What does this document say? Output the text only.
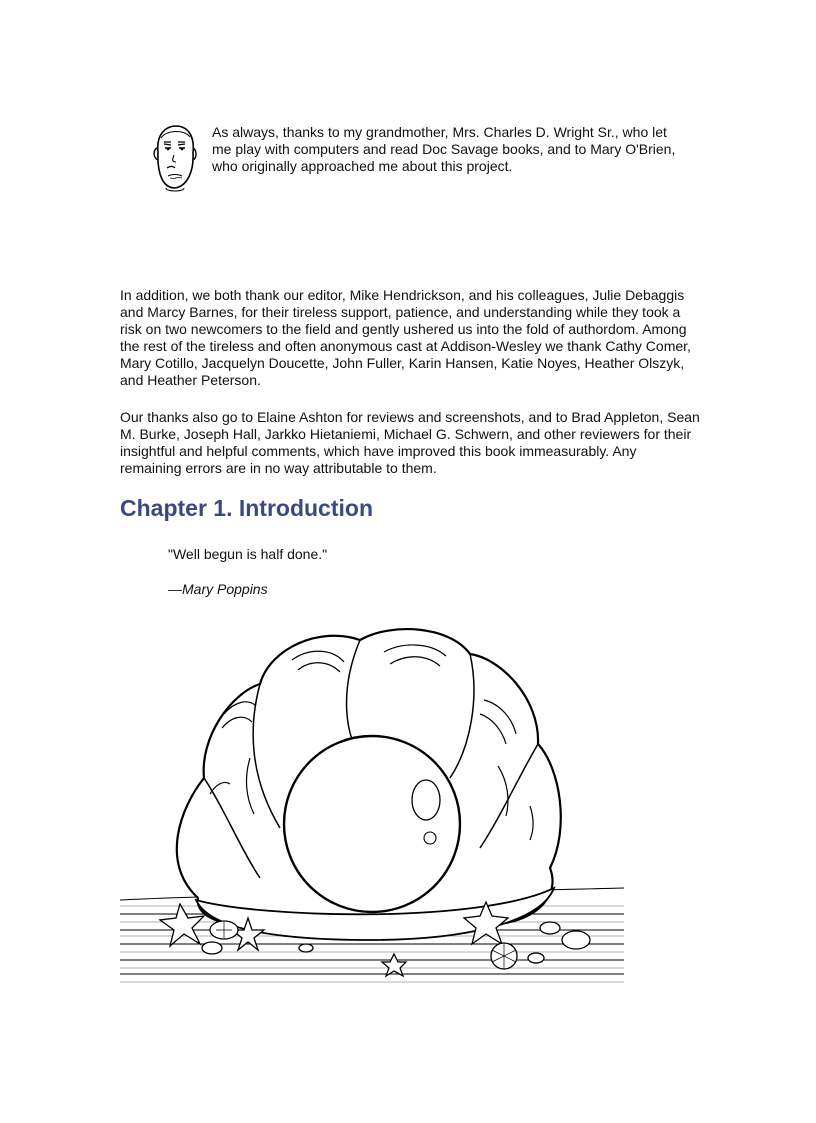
As always, thanks to my grandmother, Mrs. Charles D. Wright Sr., who let me play with computers and read Doc Savage books, and to Mary O'Brien, who originally approached me about this project.

In addition, we both thank our editor, Mike Hendrickson, and his colleagues, Julie Debaggis and Marcy Barnes, for their tireless support, patience, and understanding while they took a risk on two newcomers to the field and gently ushered us into the fold of authordom. Among the rest of the tireless and often anonymous cast at Addison-Wesley we thank Cathy Comer, Mary Cotillo, Jacquelyn Doucette, John Fuller, Karin Hansen, Katie Noyes, Heather Olszyk, and Heather Peterson.

Our thanks also go to Elaine Ashton for reviews and screenshots, and to Brad Appleton, Sean M. Burke, Joseph Hall, Jarkko Hietaniemi, Michael G. Schwern, and other reviewers for their insightful and helpful comments, which have improved this book immeasurably. Any remaining errors are in no way attributable to them.

Chapter 1. Introduction

"Well begun is half done."

—Mary Poppins
